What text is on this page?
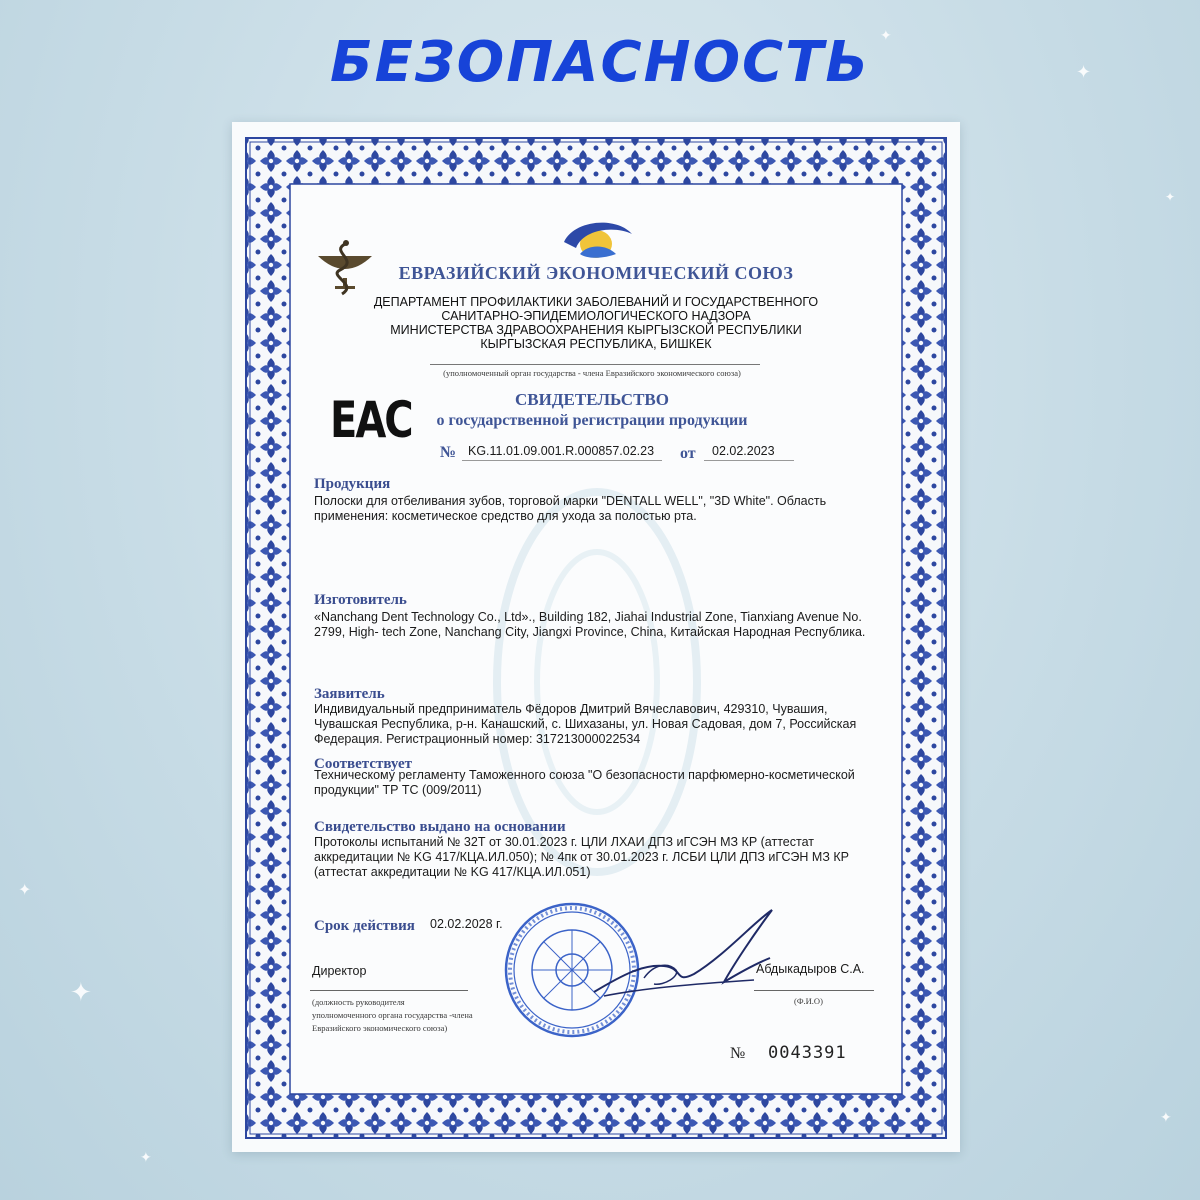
✦
✦
✦
✦
✦
✦
✦
БЕЗОПАСНОСТЬ
ЕВРАЗИЙСКИЙ ЭКОНОМИЧЕСКИЙ СОЮЗ
ДЕПАРТАМЕНТ ПРОФИЛАКТИКИ ЗАБОЛЕВАНИЙ И ГОСУДАРСТВЕННОГО
САНИТАРНО-ЭПИДЕМИОЛОГИЧЕСКОГО НАДЗОРА
МИНИСТЕРСТВА ЗДРАВООХРАНЕНИЯ КЫРГЫЗСКОЙ РЕСПУБЛИКИ
КЫРГЫЗСКАЯ РЕСПУБЛИКА, БИШКЕК
(уполномоченный орган государства - члена Евразийского экономического союза)
EAC	СВИДЕТЕЛЬСТВО
о государственной регистрации продукции
№ KG.11.01.09.001.R.000857.02.23 от 02.02.2023
Продукция
Полоски для отбеливания зубов, торговой марки "DENTALL WELL", "3D White". Область
применения: косметическое средство для ухода за полостью рта.
Изготовитель
«Nanchang Dent Technology Co., Ltd»., Building 182, Jiahai Industrial Zone, Tianxiang Avenue No.
2799, High- tech Zone, Nanchang City, Jiangxi Province, China, Китайская Народная Республика.
Заявитель
Индивидуальный предприниматель Фёдоров Дмитрий Вячеславович, 429310, Чувашия,
Чувашская Республика, р-н. Канашский, с. Шихазаны, ул. Новая Садовая, дом 7, Российская
Федерация. Регистрационный номер: 317213000022534
Соответствует
Техническому регламенту Таможенного союза "О безопасности парфюмерно-косметической
продукции" ТР ТС (009/2011)
Свидетельство выдано на основании
Протоколы испытаний № 32Т от 30.01.2023 г. ЦЛИ ЛХАИ ДПЗ иГСЭН МЗ КР (аттестат
аккредитации № KG 417/КЦА.ИЛ.050); № 4пк от 30.01.2023 г. ЛСБИ ЦЛИ ДПЗ иГСЭН МЗ КР
(аттестат аккредитации № KG 417/КЦА.ИЛ.051)
Срок действия 02.02.2028 г.
Директор
(должность руководителя
уполномоченного органа государства -члена
Евразийского экономического союза)
Абдыкадыров С.А.
(Ф.И.О)
№ 0043391
